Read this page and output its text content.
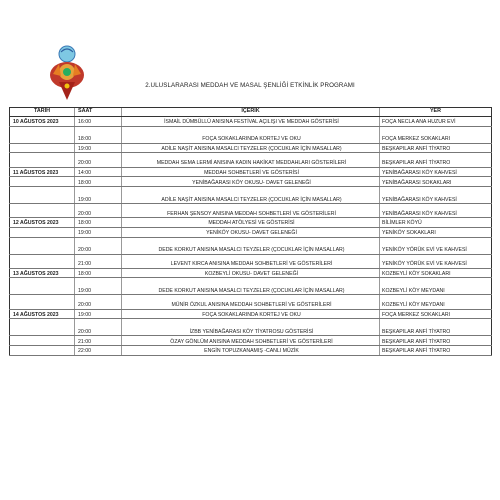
2.ULUSLARARASI MEDDAH VE MASAL ŞENLİĞİ ETKİNLİK PROGRAMI
TARİH	SAAT	İÇERİK	YER
10 AĞUSTOS 2023	16:00	İSMAİL DÜMBÜLLÜ ANISINA FESTİVAL AÇILIŞI VE MEDDAH GÖSTERİSİ	FOÇA NECLA ANA HUZUR EVİ
	18:00	FOÇA SOKAKLARINDA KORTEJ VE OKU	FOÇA MERKEZ SOKAKLARI
	19:00	ADİLE NAŞİT ANISINA MASALCI TEYZELER (ÇOCUKLAR İÇİN MASALLAR)	BEŞKAPILAR ANFİ TİYATRO
	20:00	MEDDAH SEMA LERMİ ANISINA KADIN HAKİKAT MEDDAHLARI GÖSTERİLERİ	BEŞKAPILAR ANFİ TİYATRO
11 AĞUSTOS 2023	14:00	MEDDAH SOHBETLERİ VE GÖSTERİSİ	YENİBAĞARASI KÖY KAHVESİ
	18:00	YENİBAĞARASI KÖY OKUSU- DAVET GELENEĞİ	YENİBAĞARASI SOKAKLARI
	19:00	ADİLE NAŞİT ANISINA MASALCI TEYZELER (ÇOCUKLAR İÇİN MASALLAR)	YENİBAĞARASI KÖY KAHVESİ
	20:00	FERHAN ŞENSOY ANISINA MEDDAH SOHBETLERİ VE GÖSTERİLERİ	YENİBAĞARASI KÖY KAHVESİ
12 AĞUSTOS 2023	18:00	MEDDAH ATÖLYESİ VE GÖSTERİSİ	BİLİMLER KÖYÜ
	19:00	YENİKÖY OKUSU- DAVET GELENEĞİ	YENİKÖY SOKAKLARI
	20:00	DEDE KORKUT ANISINA MASALCI TEYZELER (ÇOCUKLAR İÇİN MASALLAR)	YENİKÖY YÖRÜK EVİ VE KAHVESİ
	21:00	LEVENT KIRCA ANISINA MEDDAH SOHBETLERİ VE GÖSTERİLERİ	YENİKÖY YÖRÜK EVİ VE KAHVESİ
13 AĞUSTOS 2023	18:00	KOZBEYLİ OKUSU- DAVET GELENEĞİ	KOZBEYLİ KÖY SOKAKLARI
	19:00	DEDE KORKUT ANISINA MASALCI TEYZELER (ÇOCUKLAR İÇİN MASALLAR)	KOZBEYLİ KÖY MEYDANI
	20:00	MÜNİR ÖZKUL ANISINA MEDDAH SOHBETLERİ VE GÖSTERİLERİ	KOZBEYLİ KÖY MEYDANI
14 AĞUSTOS 2023	19:00	FOÇA SOKAKLARINDA KORTEJ VE OKU	FOÇA MERKEZ SOKAKLARI
	20:00	İZBB YENİBAĞARASI KÖY TİYATROSU GÖSTERİSİ	BEŞKAPILAR ANFİ TİYATRO
	21:00	ÖZAY GÖNLÜM ANISINA MEDDAH SOHBETLERİ VE GÖSTERİLERİ	BEŞKAPILAR ANFİ TİYATRO
	22:00	ENGİN TOPUZKANAMIŞ -CANLI MÜZİK	BEŞKAPILAR ANFİ TİYATRO
